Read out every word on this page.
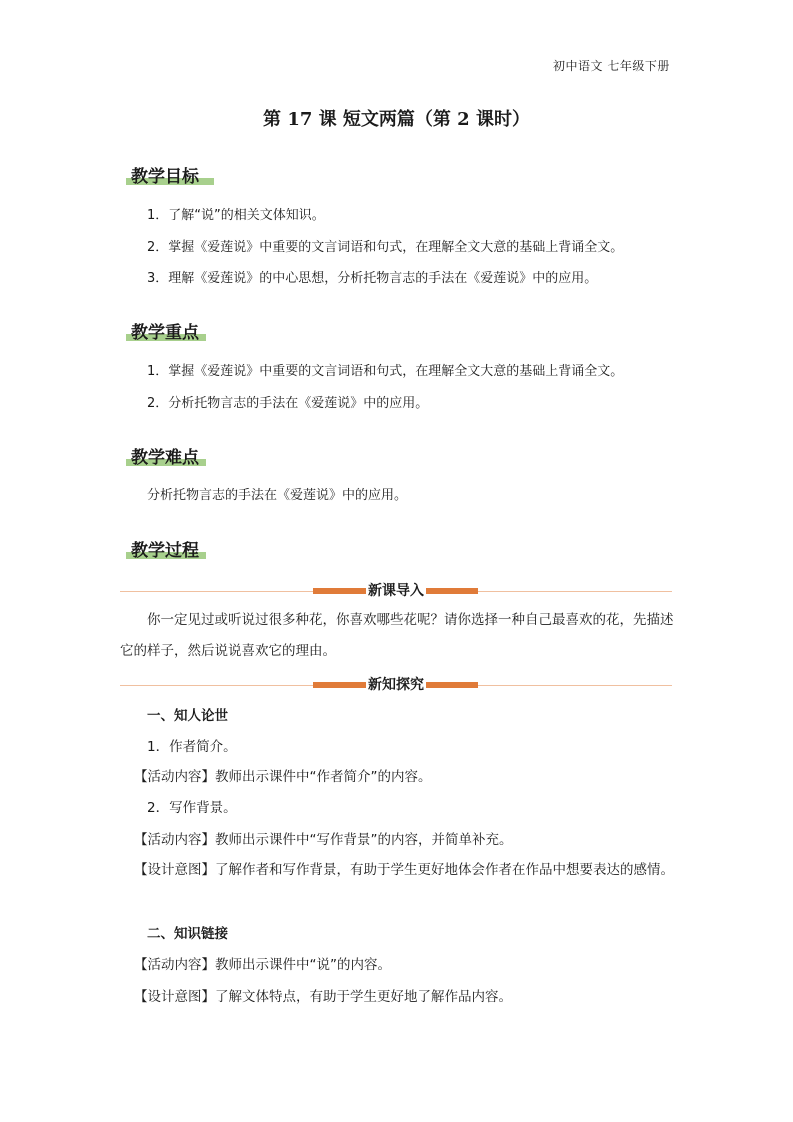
初中语文 七年级下册
第 17 课 短文两篇（第 2 课时）
教学目标
1．了解“说”的相关文体知识。
2．掌握《爱莲说》中重要的文言词语和句式，在理解全文大意的基础上背诵全文。
3．理解《爱莲说》的中心思想，分析托物言志的手法在《爱莲说》中的应用。
教学重点
1．掌握《爱莲说》中重要的文言词语和句式，在理解全文大意的基础上背诵全文。
2．分析托物言志的手法在《爱莲说》中的应用。
教学难点
分析托物言志的手法在《爱莲说》中的应用。
教学过程
新课导入
你一定见过或听说过很多种花，你喜欢哪些花呢？请你选择一种自己最喜欢的花，先描述它的样子，然后说说喜欢它的理由。
新知探究
一、知人论世
1．作者简介。
【活动内容】教师出示课件中“作者简介”的内容。
2．写作背景。
【活动内容】教师出示课件中“写作背景”的内容，并简单补充。
【设计意图】了解作者和写作背景，有助于学生更好地体会作者在作品中想要表达的感情。
二、知识链接
【活动内容】教师出示课件中“说”的内容。
【设计意图】了解文体特点，有助于学生更好地了解作品内容。
